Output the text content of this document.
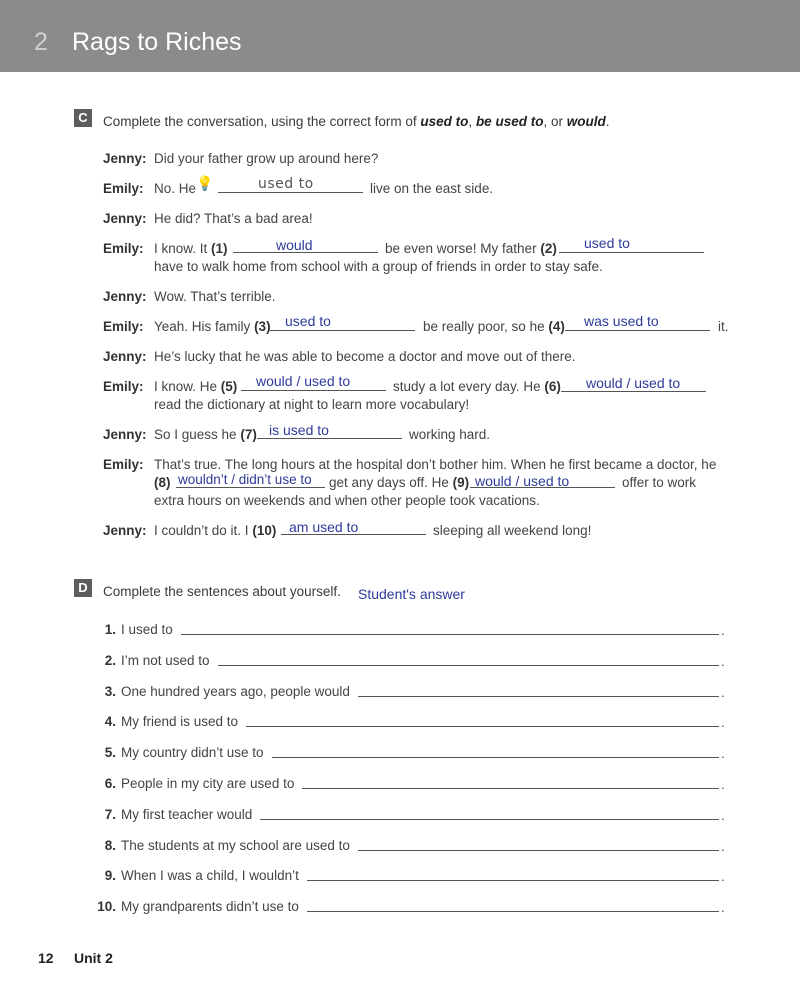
2 Rags to Riches
C	Complete the conversation, using the correct form of used to, be used to, or would.
Jenny: Did your father grow up around here?
Emily: No. He 💡	used to	live on the east side.
Jenny: He did? That’s a bad area!
Emily: I know. It (1)	would	be even worse! My father (2) used to
have to walk home from school with a group of friends in order to stay safe.
Jenny: Wow. That’s terrible.
Emily: Yeah. His family (3) used to	be really poor, so he (4) was used to	it.
Jenny: He’s lucky that he was able to become a doctor and move out of there.
Emily: I know. He (5) would / used to	study a lot every day. He (6) would / used to
read the dictionary at night to learn more vocabulary!
Jenny: So I guess he (7) is used to	working hard.
Emily: That’s true. The long hours at the hospital don’t bother him. When he first became a doctor, he
(8) wouldn’t / didn’t use to get any days off. He (9) would / used to	offer to work
extra hours on weekends and when other people took vacations.
Jenny: I couldn’t do it. I (10) am used to	sleeping all weekend long!
D	Complete the sentences about yourself. Student's answer
1. I used to	.
2. I’m not used to	.
3. One hundred years ago, people would	.
4. My friend is used to	.
5. My country didn’t use to	.
6. People in my city are used to	.
7. My first teacher would	.
8. The students at my school are used to	.
9. When I was a child, I wouldn’t	.
10. My grandparents didn’t use to	.
12 Unit 2
